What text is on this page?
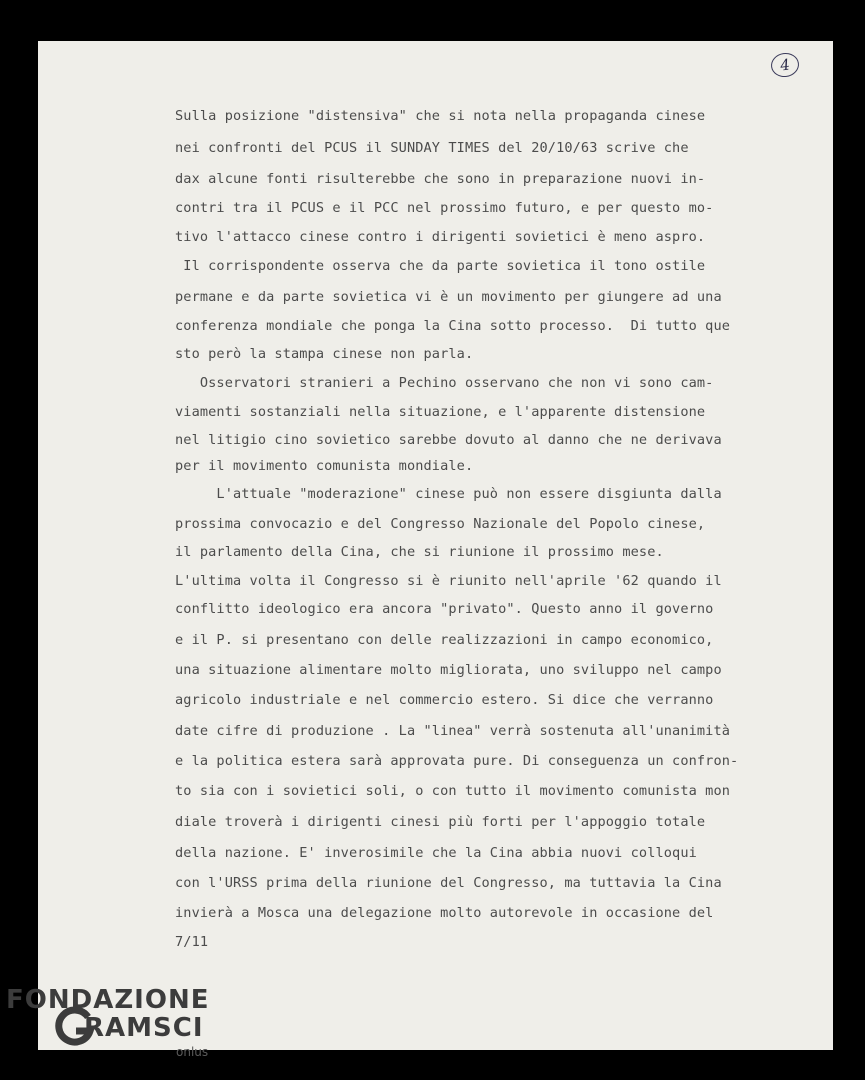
4
Sulla posizione "distensiva" che si nota nella propaganda cinese
nei confronti del PCUS il SUNDAY TIMES del 20/10/63 scrive che
dax alcune fonti risulterebbe che sono in preparazione nuovi in-
contri tra il PCUS e il PCC nel prossimo futuro, e per questo mo-
tivo l'attacco cinese contro i dirigenti sovietici è meno aspro.
Il corrispondente osserva che da parte sovietica il tono ostile
permane e da parte sovietica vi è un movimento per giungere ad una
conferenza mondiale che ponga la Cina sotto processo.  Di tutto que
sto però la stampa cinese non parla.
Osservatori stranieri a Pechino osservano che non vi sono cam-
viamenti sostanziali nella situazione, e l'apparente distensione
nel litigio cino sovietico sarebbe dovuto al danno che ne derivava
per il movimento comunista mondiale.
L'attuale "moderazione" cinese può non essere disgiunta dalla
prossima convocazio e del Congresso Nazionale del Popolo cinese,
il parlamento della Cina, che si riunione il prossimo mese.
L'ultima volta il Congresso si è riunito nell'aprile '62 quando il
conflitto ideologico era ancora "privato". Questo anno il governo
e il P. si presentano con delle realizzazioni in campo economico,
una situazione alimentare molto migliorata, uno sviluppo nel campo
agricolo industriale e nel commercio estero. Si dice che verranno
date cifre di produzione . La "linea" verrà sostenuta all'unanimità
e la politica estera sarà approvata pure. Di conseguenza un confron-
to sia con i sovietici soli, o con tutto il movimento comunista mon
diale troverà i dirigenti cinesi più forti per l'appoggio totale
della nazione. E' inverosimile che la Cina abbia nuovi colloqui
con l'URSS prima della riunione del Congresso, ma tuttavia la Cina
invierà a Mosca una delegazione molto autorevole in occasione del
7/11
FONDAZIONE
RAMSCI
onlus
